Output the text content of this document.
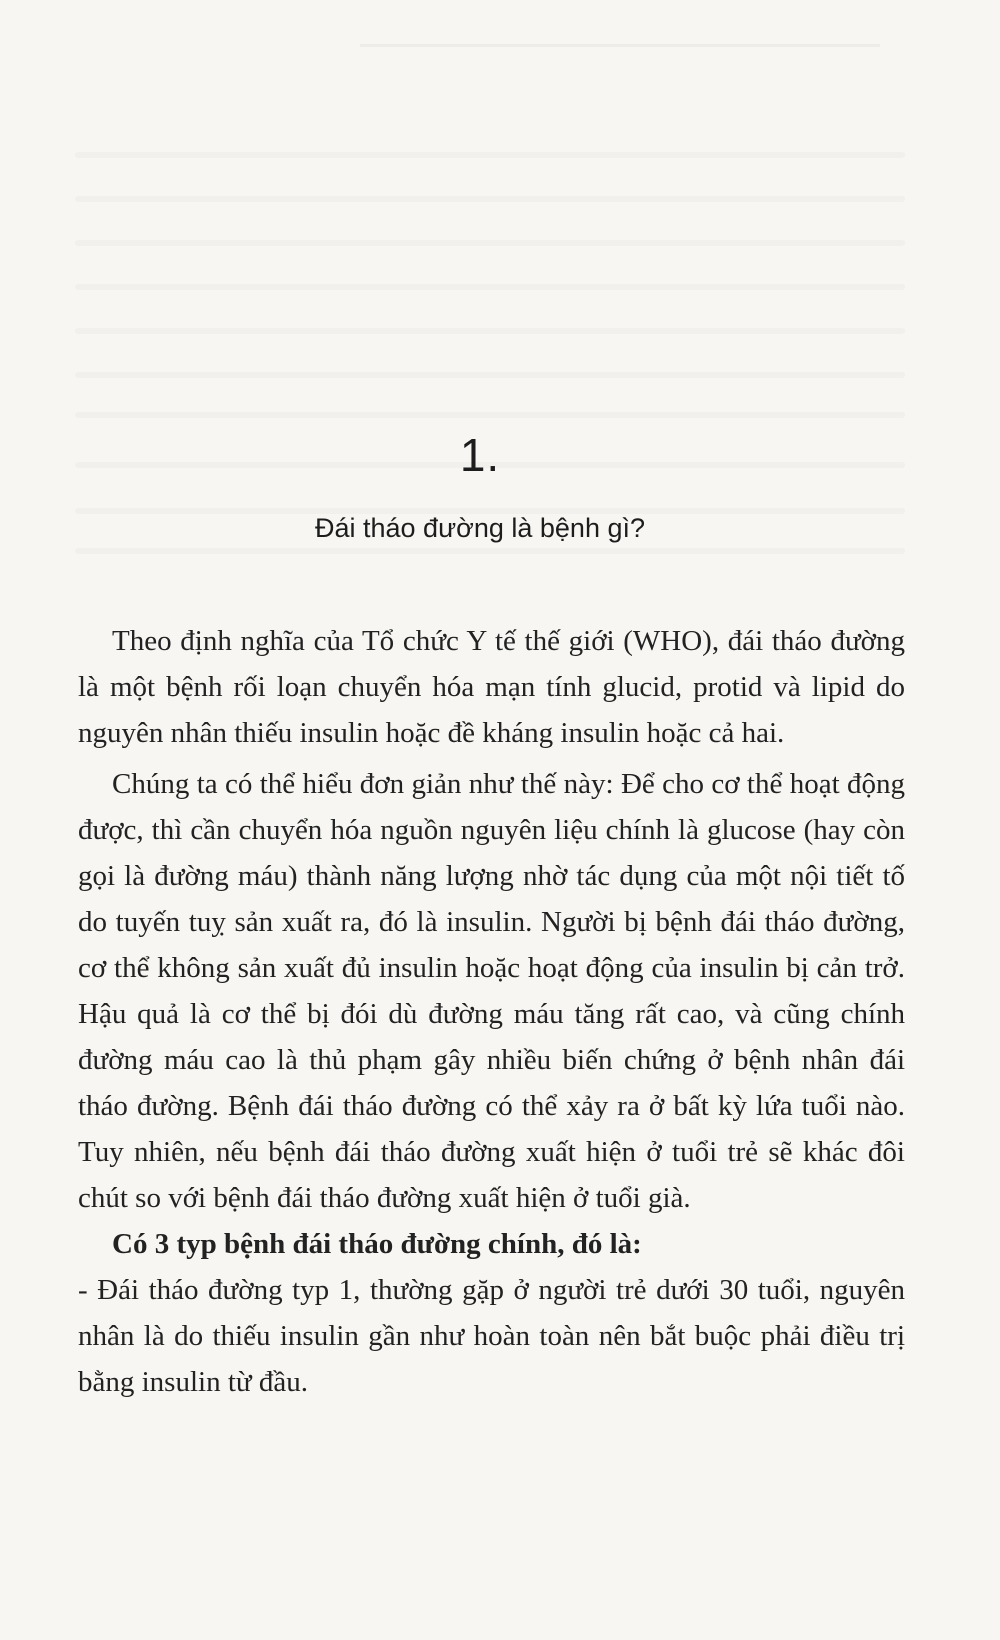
1.
Đái tháo đường là bệnh gì?

Theo định nghĩa của Tổ chức Y tế thế giới (WHO), đái tháo đường là một bệnh rối loạn chuyển hóa mạn tính glucid, protid và lipid do nguyên nhân thiếu insulin hoặc đề kháng insulin hoặc cả hai.

Chúng ta có thể hiểu đơn giản như thế này: Để cho cơ thể hoạt động được, thì cần chuyển hóa nguồn nguyên liệu chính là glucose (hay còn gọi là đường máu) thành năng lượng nhờ tác dụng của một nội tiết tố do tuyến tuỵ sản xuất ra, đó là insulin. Người bị bệnh đái tháo đường, cơ thể không sản xuất đủ insulin hoặc hoạt động của insulin bị cản trở. Hậu quả là cơ thể bị đói dù đường máu tăng rất cao, và cũng chính đường máu cao là thủ phạm gây nhiều biến chứng ở bệnh nhân đái tháo đường. Bệnh đái tháo đường có thể xảy ra ở bất kỳ lứa tuổi nào. Tuy nhiên, nếu bệnh đái tháo đường xuất hiện ở tuổi trẻ sẽ khác đôi chút so với bệnh đái tháo đường xuất hiện ở tuổi già.

Có 3 typ bệnh đái tháo đường chính, đó là:

- Đái tháo đường typ 1, thường gặp ở người trẻ dưới 30 tuổi, nguyên nhân là do thiếu insulin gần như hoàn toàn nên bắt buộc phải điều trị bằng insulin từ đầu.
